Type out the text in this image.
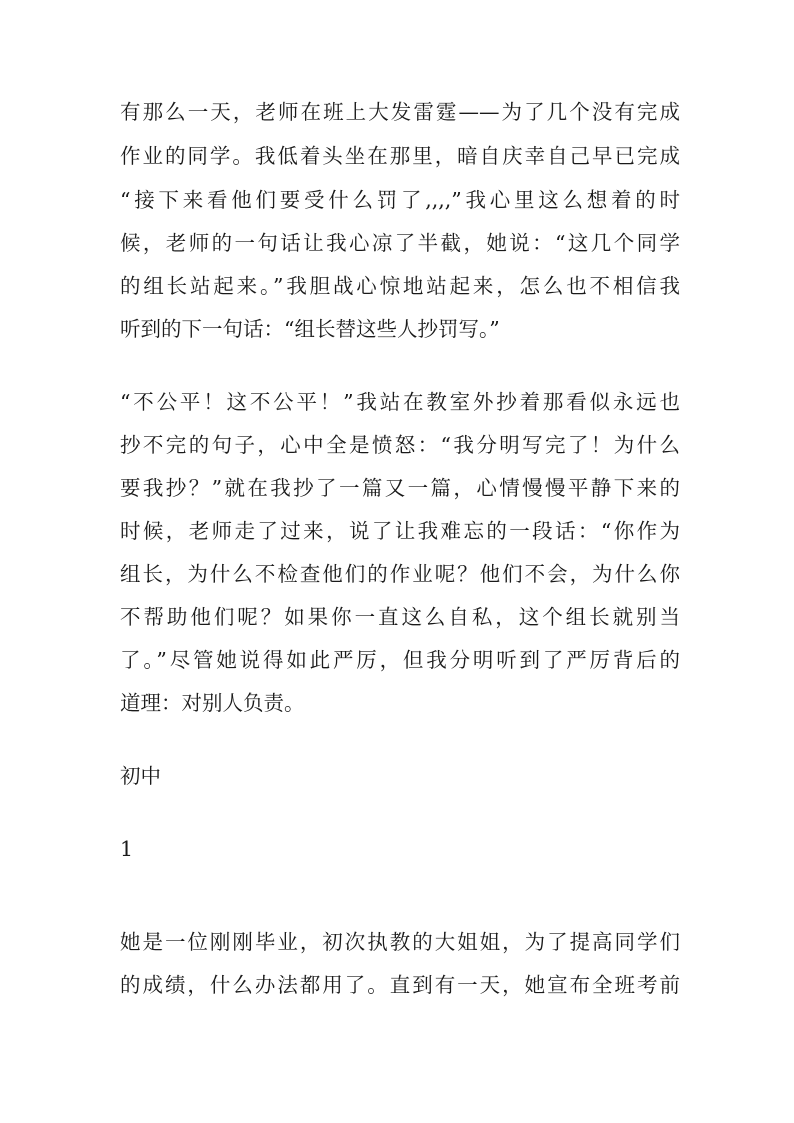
有那么一天，老师在班上大发雷霆——为了几个没有完成
作业的同学。我低着头坐在那里，暗自庆幸自己早已完成
“接下来看他们要受什么罚了,,,,”我心里这么想着的时
候，老师的一句话让我心凉了半截，她说：“这几个同学
的组长站起来。”我胆战心惊地站起来，怎么也不相信我
听到的下一句话：“组长替这些人抄罚写。”
“不公平！这不公平！”我站在教室外抄着那看似永远也
抄不完的句子，心中全是愤怒：“我分明写完了！为什么
要我抄？”就在我抄了一篇又一篇，心情慢慢平静下来的
时候，老师走了过来，说了让我难忘的一段话：“你作为
组长，为什么不检查他们的作业呢？他们不会，为什么你
不帮助他们呢？如果你一直这么自私，这个组长就别当
了。”尽管她说得如此严厉，但我分明听到了严厉背后的
道理：对别人负责。
初中
1
她是一位刚刚毕业，初次执教的大姐姐，为了提高同学们
的成绩，什么办法都用了。直到有一天，她宣布全班考前
